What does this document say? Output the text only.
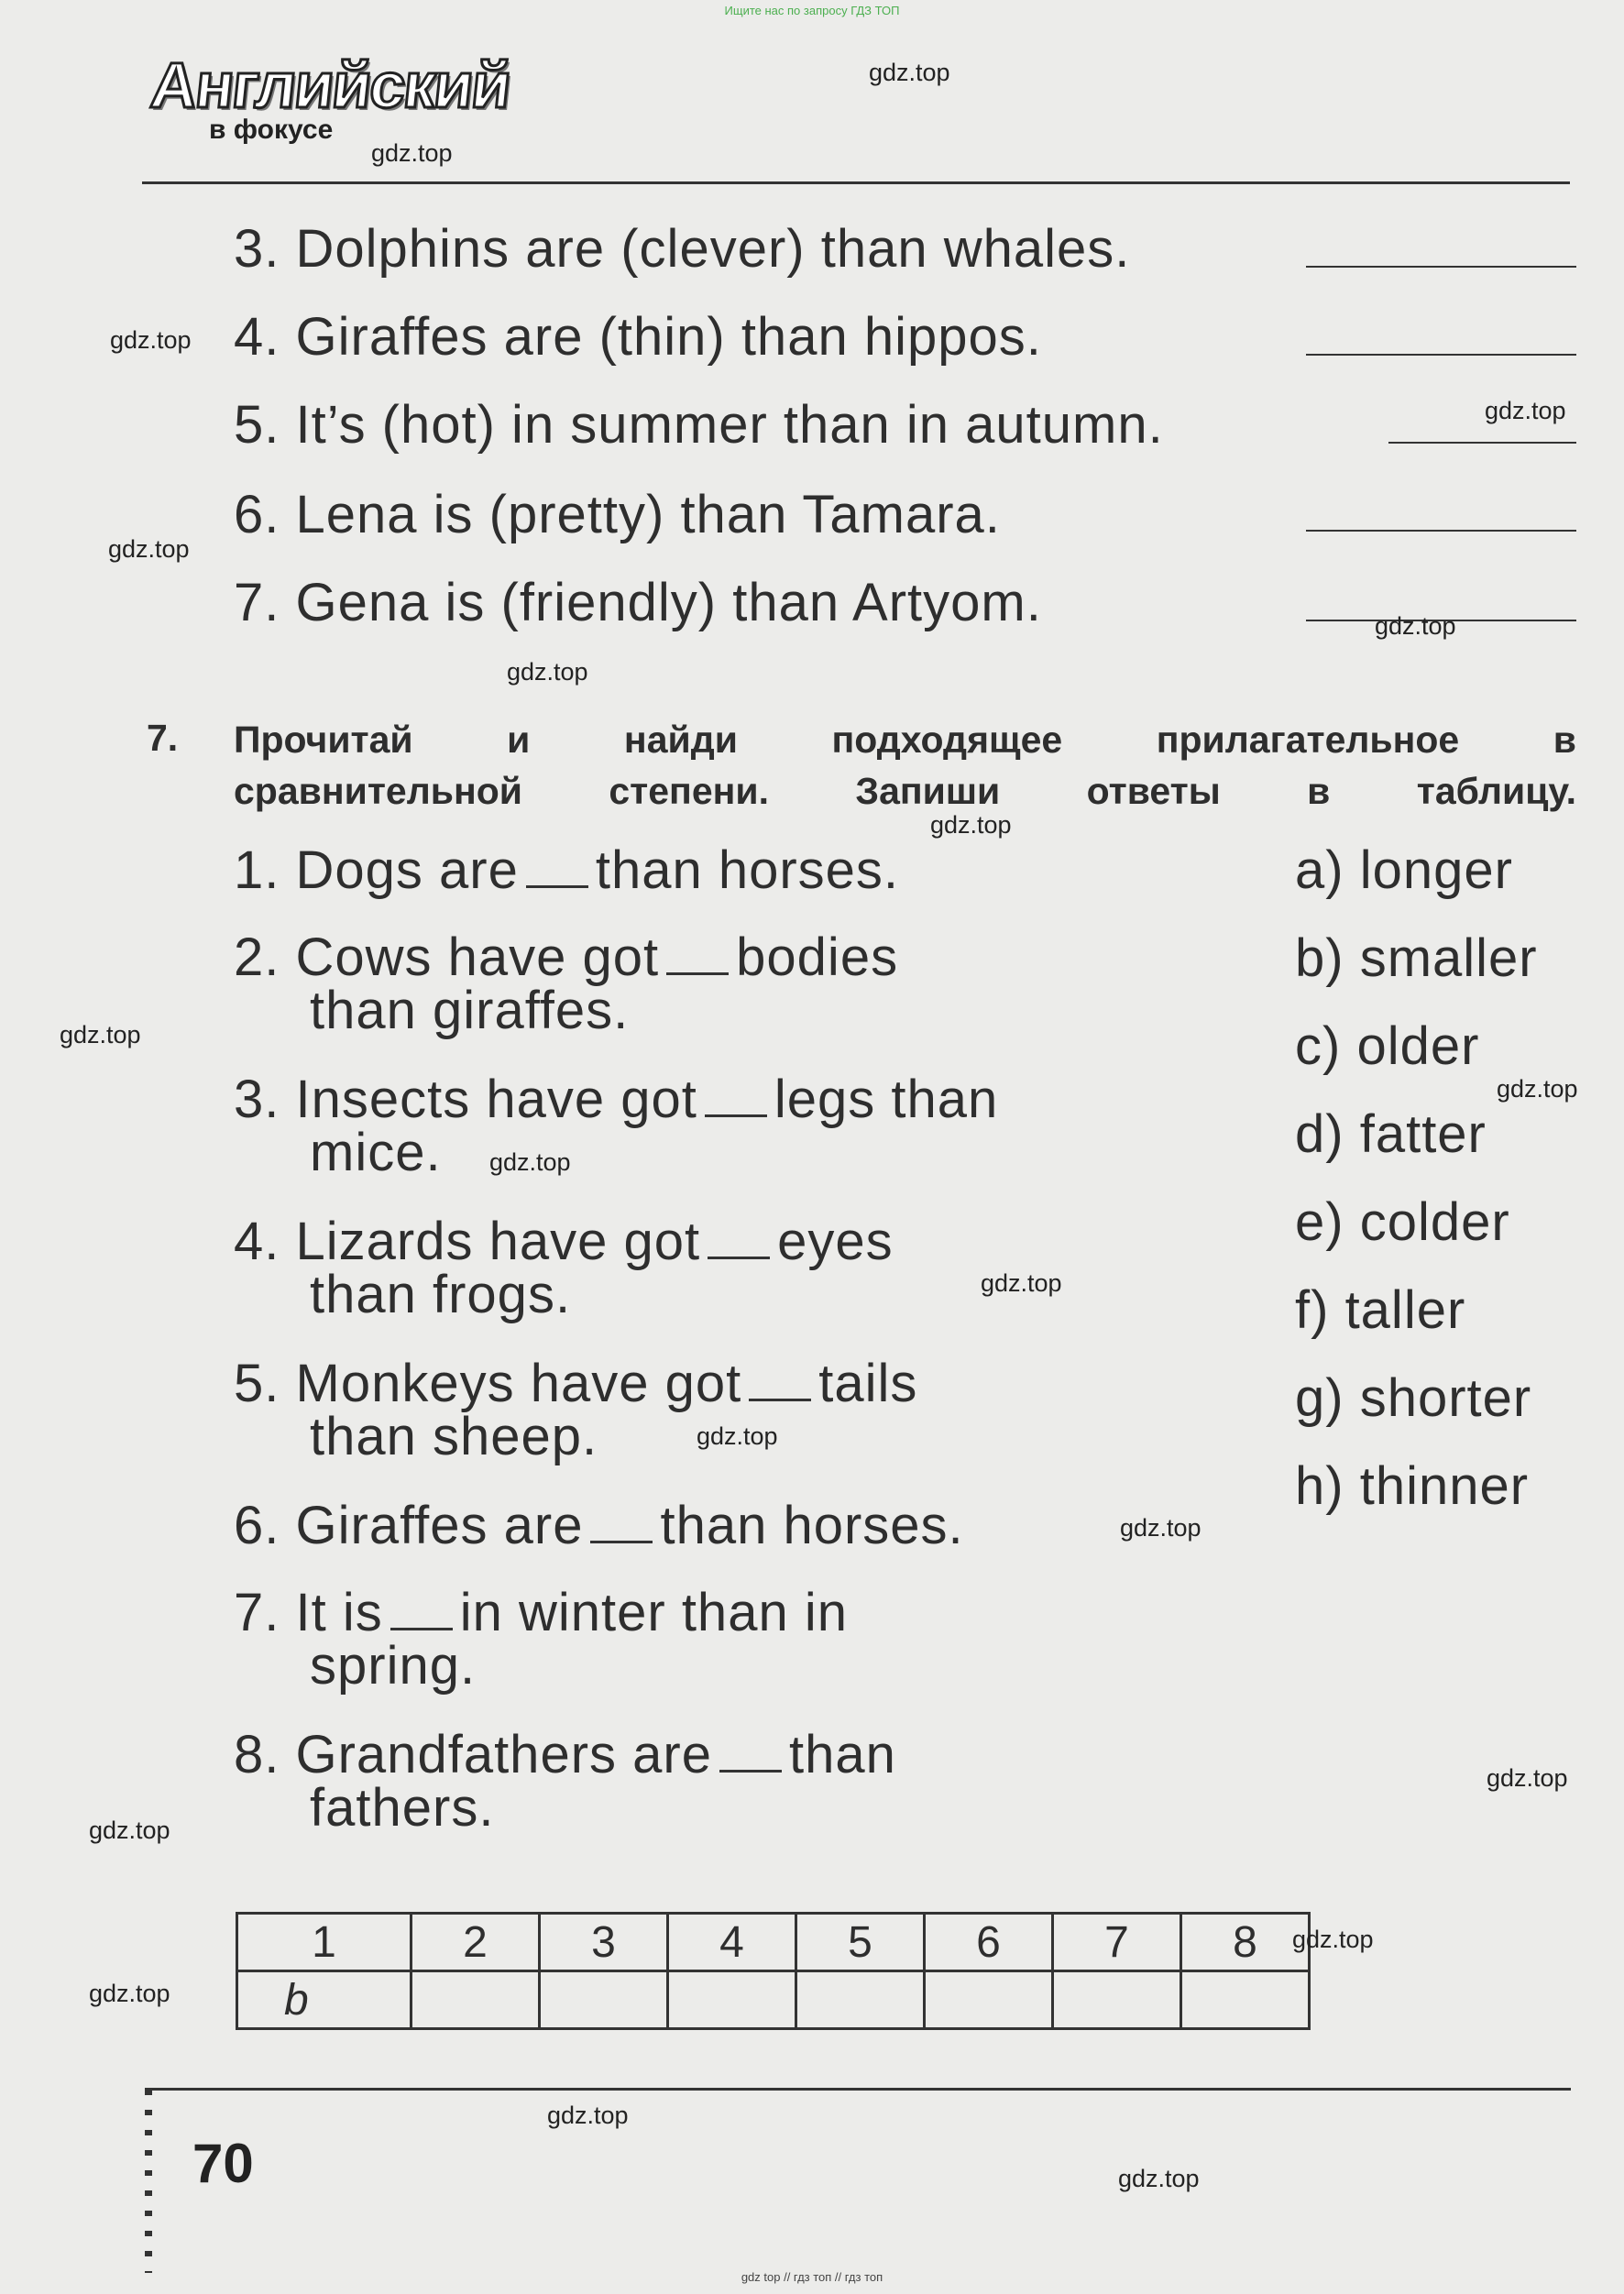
Ищите нас по запросу ГДЗ ТОП
Английский
в фокусе
3. Dolphins are (clever) than whales.
4. Giraffes are (thin) than hippos.
5. It’s (hot) in summer than in autumn.
6. Lena is (pretty) than Tamara.
7. Gena is (friendly) than Artyom.
7. Прочитай и найди подходящее прилагательное в
сравнительной степени. Запиши ответы в таблицу.
1. Dogs are than horses.
2. Cows have got bodies
than giraffes.
3. Insects have got legs than
mice.
4. Lizards have got eyes
than frogs.
5. Monkeys have got tails
than sheep.
6. Giraffes are than horses.
7. It is in winter than in
spring.
8. Grandfathers are than
fathers.
a) longer
b) smaller
c) older
d) fatter
e) colder
f) taller
g) shorter
h) thinner
1	2	3	4	5	6	7	8
b							
70
gdz.top
gdz.top
gdz.top
gdz.top
gdz.top
gdz.top
gdz.top
gdz.top
gdz.top
gdz.top
gdz.top
gdz.top
gdz.top
gdz.top
gdz.top
gdz.top
gdz.top
gdz.top
gdz.top
gdz.top
gdz top // гдз топ // гдз топ
